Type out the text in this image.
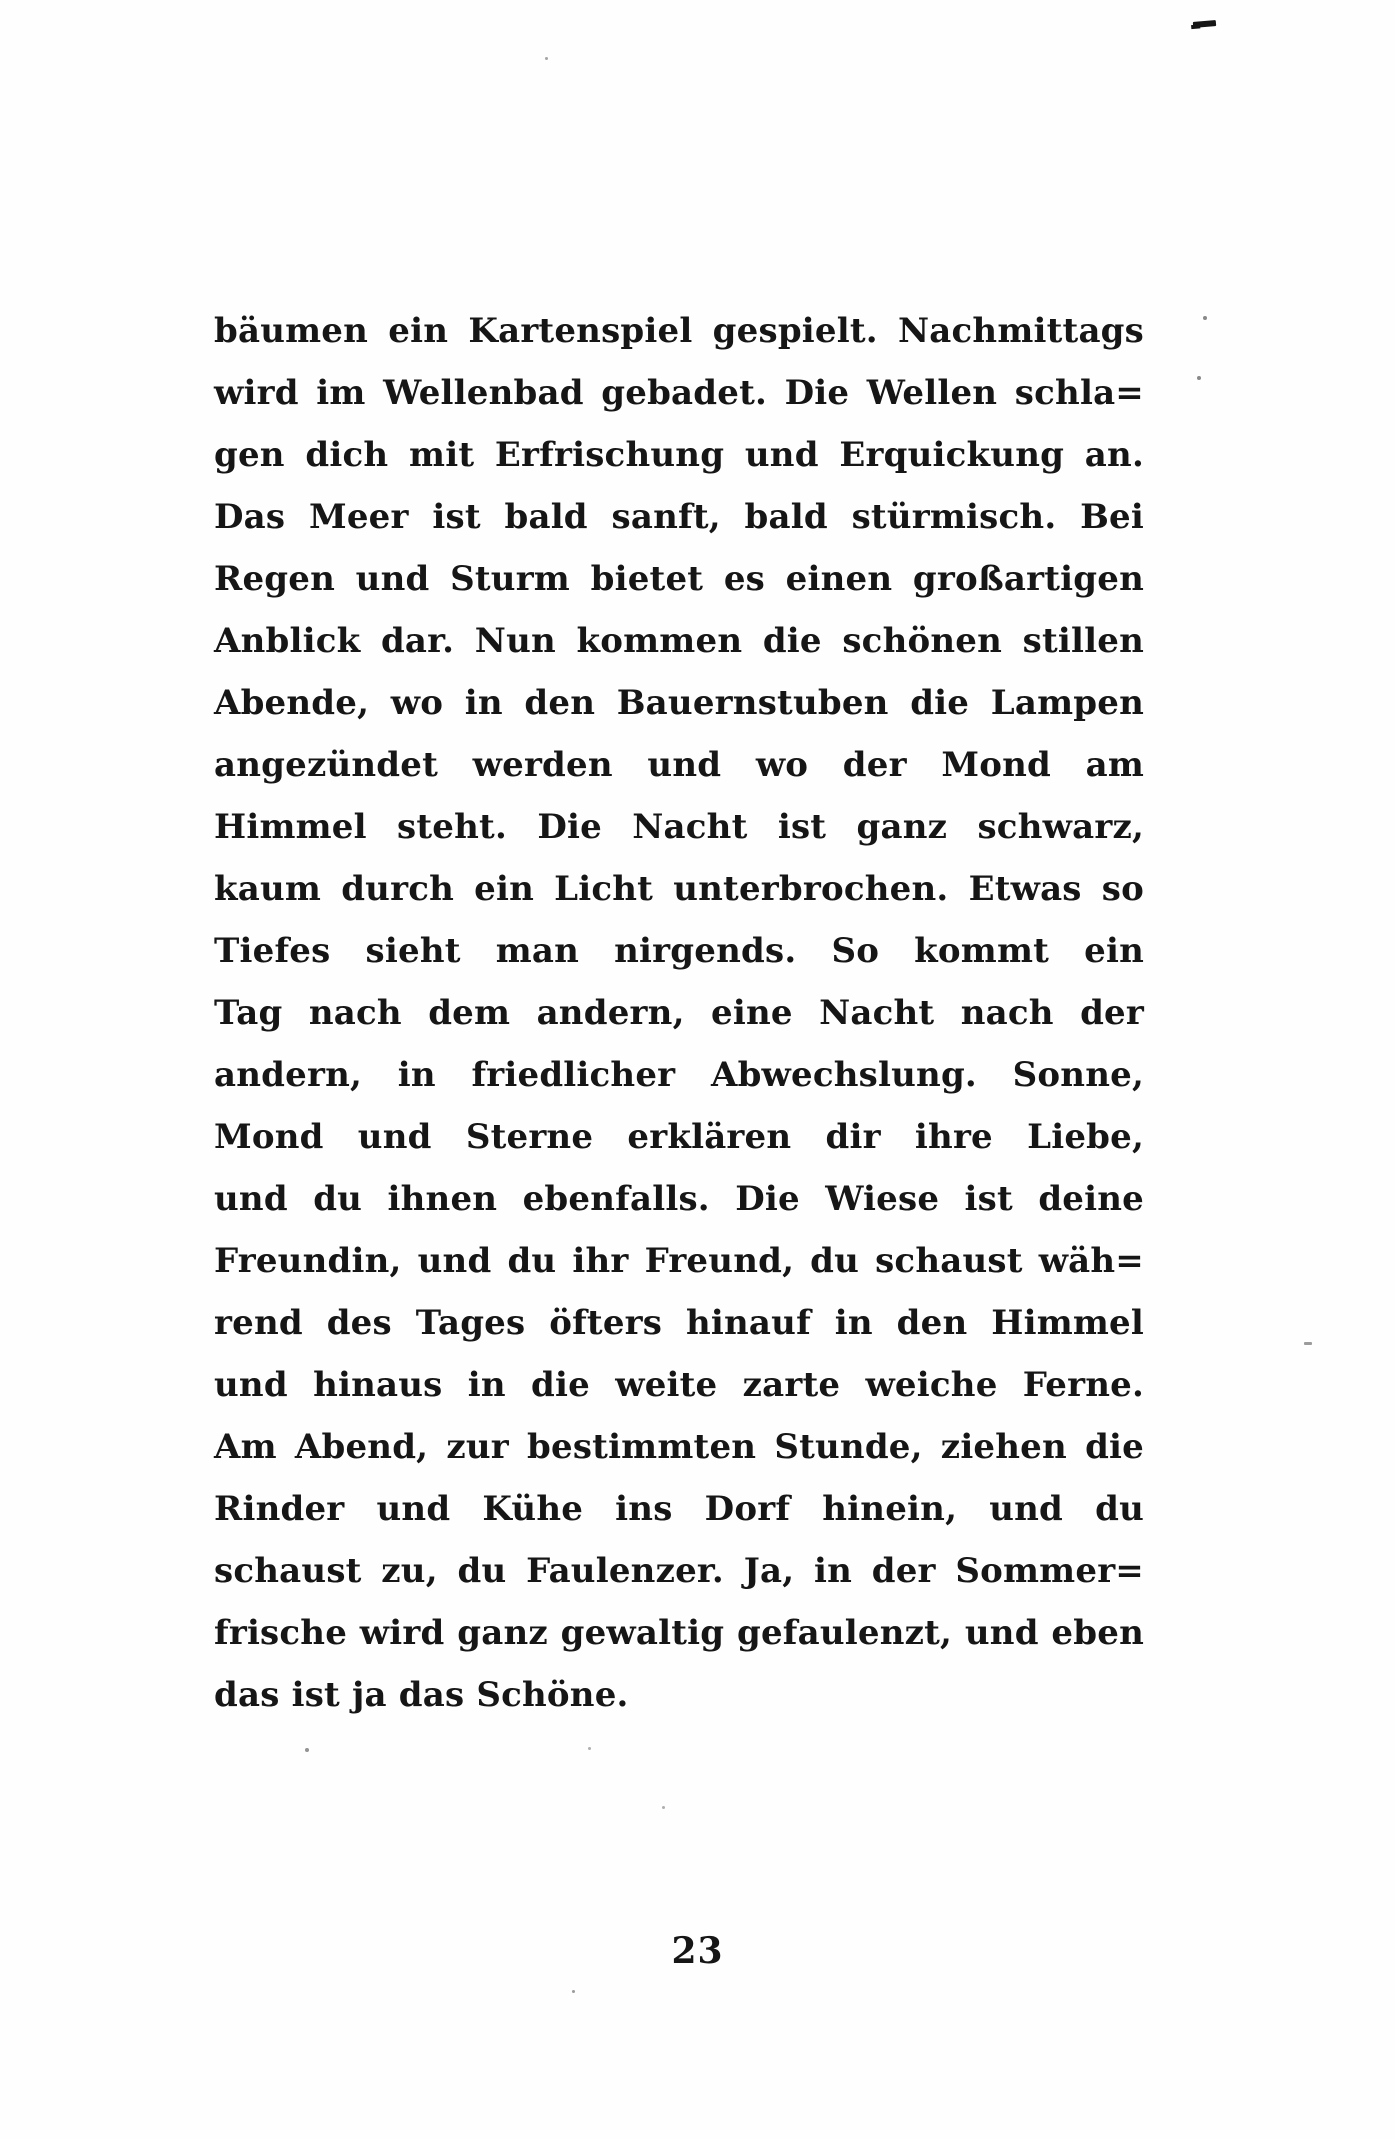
bäumen ein Kartenspiel gespielt. Nachmittags
wird im Wellenbad gebadet. Die Wellen schla=
gen dich mit Erfrischung und Erquickung an.
Das Meer ist bald sanft, bald stürmisch. Bei
Regen und Sturm bietet es einen großartigen
Anblick dar. Nun kommen die schönen stillen
Abende, wo in den Bauernstuben die Lampen
angezündet werden und wo der Mond am
Himmel steht. Die Nacht ist ganz schwarz,
kaum durch ein Licht unterbrochen. Etwas so
Tiefes sieht man nirgends. So kommt ein
Tag nach dem andern, eine Nacht nach der
andern, in friedlicher Abwechslung. Sonne,
Mond und Sterne erklären dir ihre Liebe,
und du ihnen ebenfalls. Die Wiese ist deine
Freundin, und du ihr Freund, du schaust wäh=
rend des Tages öfters hinauf in den Himmel
und hinaus in die weite zarte weiche Ferne.
Am Abend, zur bestimmten Stunde, ziehen die
Rinder und Kühe ins Dorf hinein, und du
schaust zu, du Faulenzer. Ja, in der Sommer=
frische wird ganz gewaltig gefaulenzt, und eben
das ist ja das Schöne.
23
